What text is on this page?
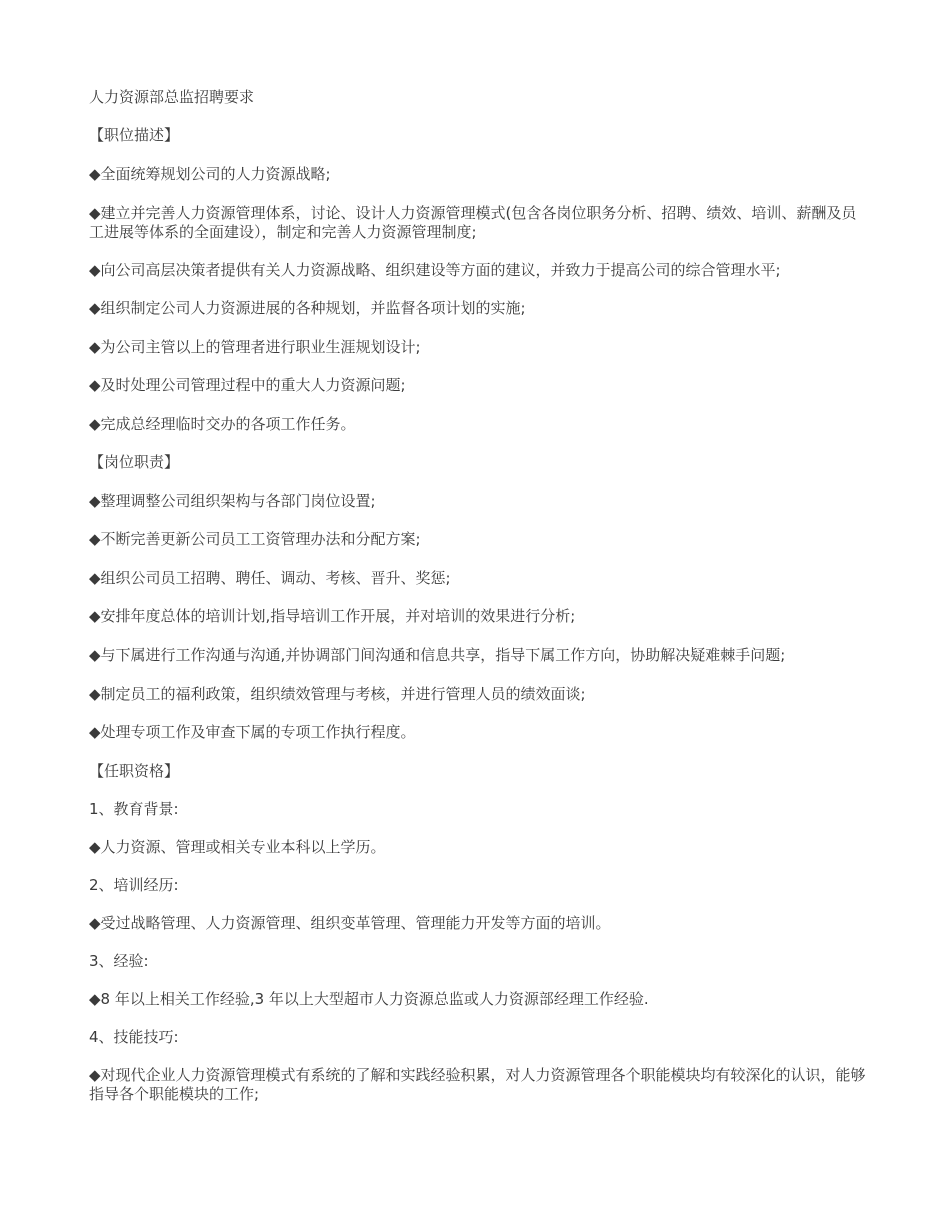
人力资源部总监招聘要求
【职位描述】
◆全面统筹规划公司的人力资源战略;
◆建立并完善人力资源管理体系，讨论、设计人力资源管理模式(包含各岗位职务分析、招聘、绩效、培训、薪酬及员工进展等体系的全面建设），制定和完善人力资源管理制度;
◆向公司高层决策者提供有关人力资源战略、组织建设等方面的建议，并致力于提高公司的综合管理水平;
◆组织制定公司人力资源进展的各种规划，并监督各项计划的实施;
◆为公司主管以上的管理者进行职业生涯规划设计;
◆及时处理公司管理过程中的重大人力资源问题;
◆完成总经理临时交办的各项工作任务。
【岗位职责】
◆整理调整公司组织架构与各部门岗位设置;
◆不断完善更新公司员工工资管理办法和分配方案;
◆组织公司员工招聘、聘任、调动、考核、晋升、奖惩;
◆安排年度总体的培训计划,指导培训工作开展，并对培训的效果进行分析;
◆与下属进行工作沟通与沟通,并协调部门间沟通和信息共享，指导下属工作方向，协助解决疑难棘手问题;
◆制定员工的福利政策，组织绩效管理与考核，并进行管理人员的绩效面谈;
◆处理专项工作及审查下属的专项工作执行程度。
【任职资格】
1、教育背景:
◆人力资源、管理或相关专业本科以上学历。
2、培训经历:
◆受过战略管理、人力资源管理、组织变革管理、管理能力开发等方面的培训。
3、经验:
◆8 年以上相关工作经验,3 年以上大型超市人力资源总监或人力资源部经理工作经验.
4、技能技巧:
◆对现代企业人力资源管理模式有系统的了解和实践经验积累，对人力资源管理各个职能模块均有较深化的认识，能够指导各个职能模块的工作;
